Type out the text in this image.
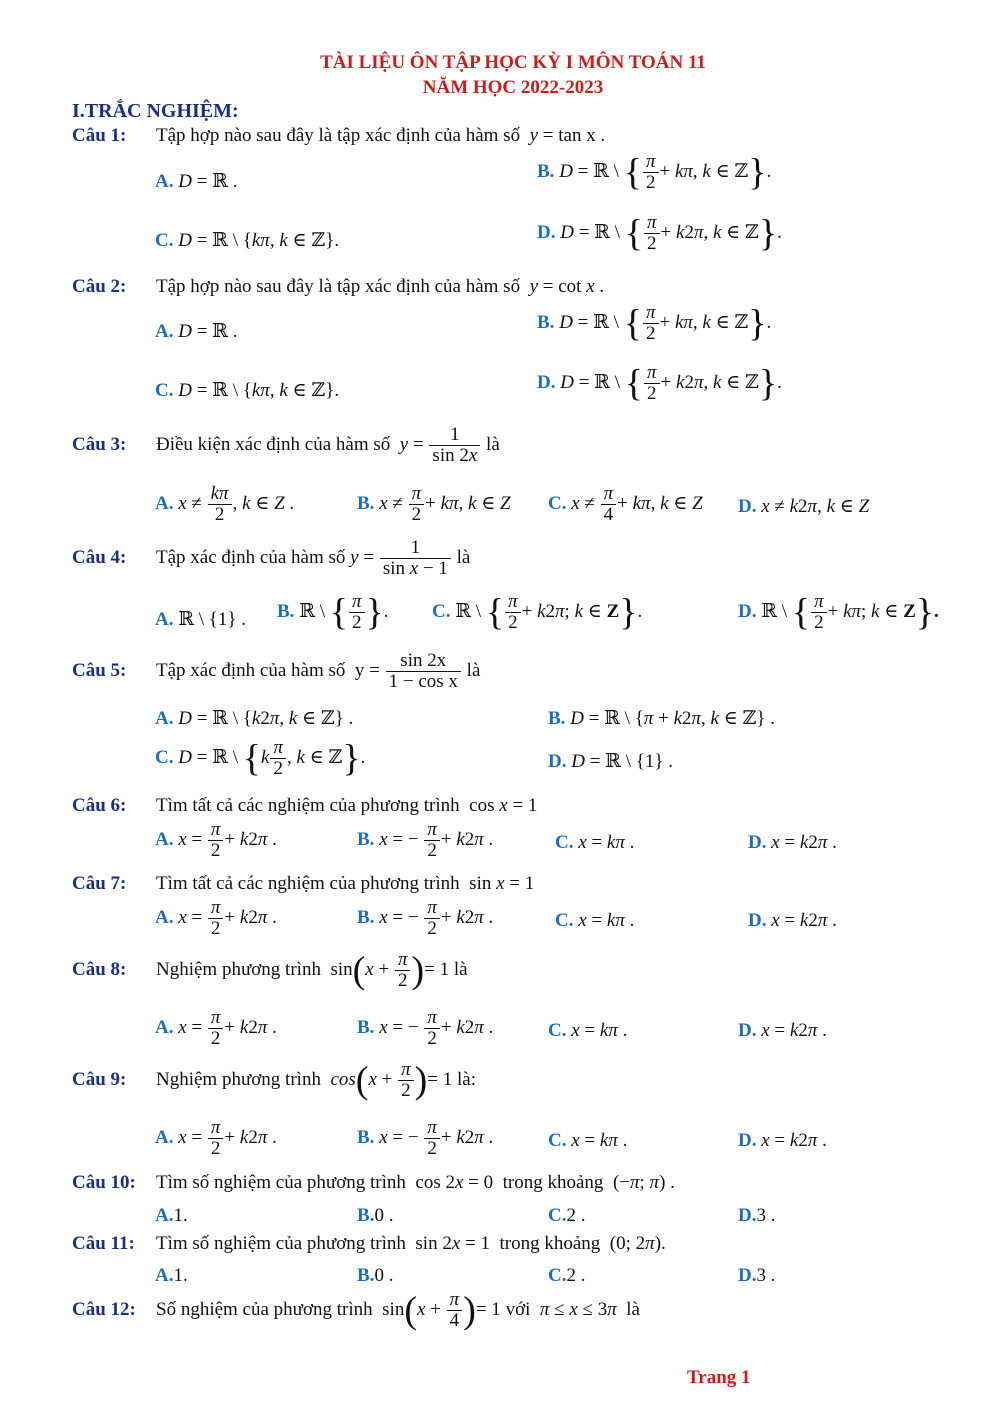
TÀI LIỆU ÔN TẬP HỌC KỲ I MÔN TOÁN 11
NĂM HỌC 2022-2023
I.TRẮC NGHIỆM:
Câu 1: Tập hợp nào sau đây là tập xác định của hàm số  y = tan x .
A. D = ℝ .	B. D = ℝ \ { $\frac{\pi}{2} + k\pi$, k ∈ ℤ}.
C. D = ℝ \ {kπ, k ∈ ℤ}.	D. D = ℝ \ { $\frac{\pi}{2} + k2\pi$, k ∈ ℤ}.
Câu 2: Tập hợp nào sau đây là tập xác định của hàm số  y = cot x .
A. D = ℝ .	B. D = ℝ \ { $\frac{\pi}{2} + k\pi$, k ∈ ℤ}.
C. D = ℝ \ {kπ, k ∈ ℤ}.	D. D = ℝ \ { $\frac{\pi}{2} + k2\pi$, k ∈ ℤ}.
Câu 3: Điều kiện xác định của hàm số  $y = \frac{1}{\sin 2x}$ là
A. $x \ne \frac{k\pi}{2}$ , k ∈ Z .	B. $x \ne \frac{\pi}{2} + k\pi$, k ∈ Z C. $x \ne \frac{\pi}{4} + k\pi$, k ∈ Z D. x ≠ k2π, k ∈ Z
Câu 4: Tập xác định của hàm số $y = \frac{1}{\text{sin x − 1}}$ là
A. ℝ \ {1} . B. ℝ \ { $\frac{\pi}{2}$ }. C. ℝ \ { $\frac{\pi}{2} + k2\pi$; k ∈ Z}.	D. ℝ \ { $\frac{\pi}{2} + k\pi$; k ∈ Z}.
Câu 5: Tập xác định của hàm số  $y = \frac{\sin 2x}{\text{1 − cos x}}$ là
A. D = ℝ \ {k2π, k ∈ ℤ} .	B. D = ℝ \ {π + k2π, k ∈ ℤ} .
C. D = ℝ \ {$k \frac{\pi}{2}$ , k ∈ ℤ}.	D. D = ℝ \ {1} .
Câu 6: Tìm tất cả các nghiệm của phương trình  cos x = 1
A. $x = \frac{\pi}{2} + k2\pi$ .	B. x = − $\frac{\pi}{2} + k2\pi$ .	C. x = kπ .	D. x = k2π .
Câu 7: Tìm tất cả các nghiệm của phương trình  sin x = 1
A. $x = \frac{\pi}{2} + k2\pi$ .	B. x = − $\frac{\pi}{2} + k2\pi$ .	C. x = kπ .	D. x = k2π .
Câu 8: Nghiệm phương trình  $\sin(x + \frac{\pi}{2}$ )= 1 là
A. $x = \frac{\pi}{2} + k2\pi$ .	B. x = − $\frac{\pi}{2} + k2\pi$ .	C. x = kπ .	D. x = k2π .
Câu 9: Nghiệm phương trình $\cos(x + \frac{\pi}{2}$ )= 1 là:
A. $x = \frac{\pi}{2} + k2\pi$ .	B. x = − $\frac{\pi}{2} + k2\pi$ .	C. x = kπ .	D. x = k2π .
Câu 10: Tìm số nghiệm của phương trình  cos 2x = 0  trong khoảng  (−π; π) .
A.1.	B.0 .	C.2 .	D.3 .
Câu 11: Tìm số nghiệm của phương trình  sin 2x = 1  trong khoảng  (0; 2π).
A.1.	B.0 .	C.2 .	D.3 .
Câu 12: Số nghiệm của phương trình  $\sin(x + \frac{\pi}{4}$ )= 1 với π ≤ x ≤ 3π là
Trang 1
